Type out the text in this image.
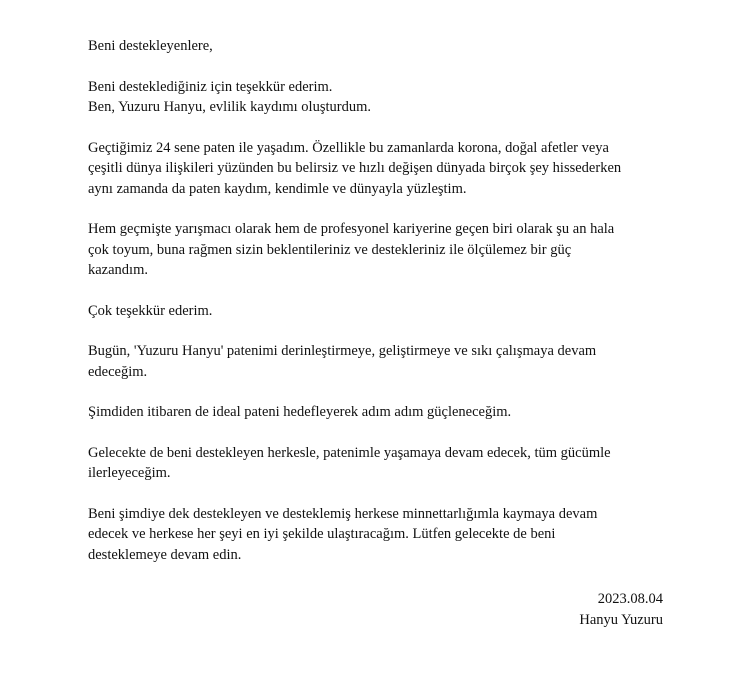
Beni destekleyenlere,
Beni desteklediğiniz için teşekkür ederim.
Ben, Yuzuru Hanyu, evlilik kaydımı oluşturdum.
Geçtiğimiz 24 sene paten ile yaşadım. Özellikle bu zamanlarda korona, doğal afetler veya
çeşitli dünya ilişkileri yüzünden bu belirsiz ve hızlı değişen dünyada birçok şey hissederken
aynı zamanda da paten kaydım, kendimle ve dünyayla yüzleştim.
Hem geçmişte yarışmacı olarak hem de profesyonel kariyerine geçen biri olarak şu an hala
çok toyum, buna rağmen sizin beklentileriniz ve destekleriniz ile ölçülemez bir güç
kazandım.
Çok teşekkür ederim.
Bugün, 'Yuzuru Hanyu' patenimi derinleştirmeye, geliştirmeye ve sıkı çalışmaya devam
edeceğim.
Şimdiden itibaren de ideal pateni hedefleyerek adım adım güçleneceğim.
Gelecekte de beni destekleyen herkesle, patenimle yaşamaya devam edecek, tüm gücümle
ilerleyeceğim.
Beni şimdiye dek destekleyen ve desteklemiş herkese minnettarlığımla kaymaya devam
edecek ve herkese her şeyi en iyi şekilde ulaştıracağım. Lütfen gelecekte de beni
desteklemeye devam edin.
2023.08.04
Hanyu Yuzuru
